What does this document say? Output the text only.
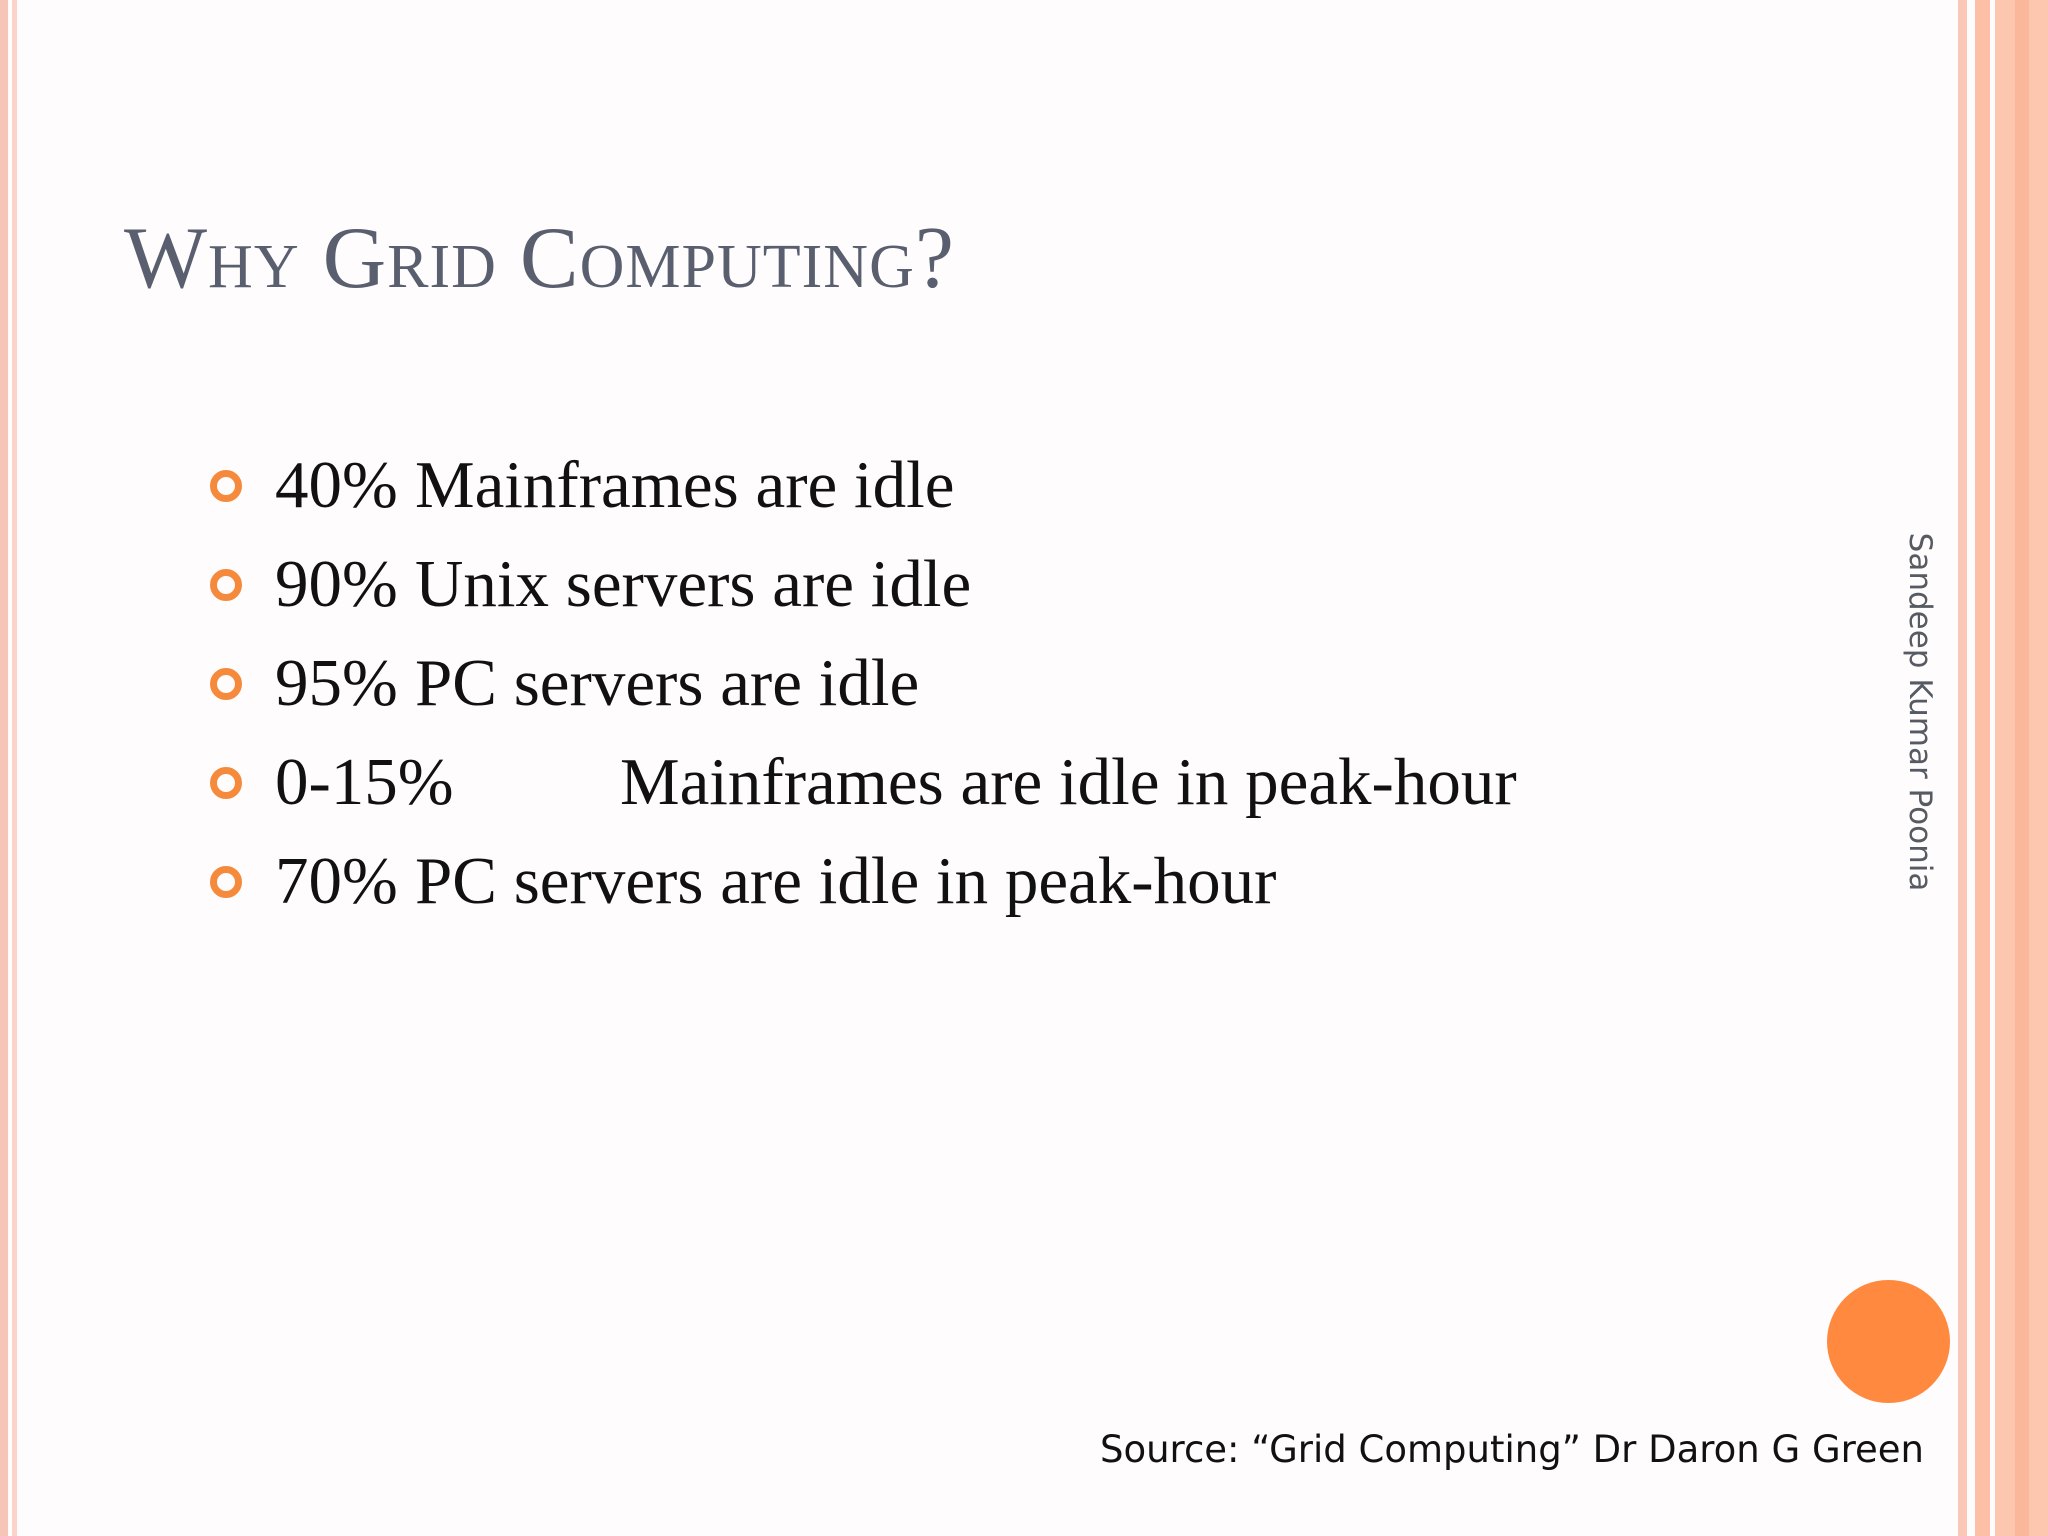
Why Grid Computing?
40% Mainframes are idle
90% Unix servers are idle
95% PC servers are idle
0-15% Mainframes are idle in peak-hour
70% PC servers are idle in peak-hour	Sandeep Kumar Poonia
Source: “Grid Computing” Dr Daron G Green
